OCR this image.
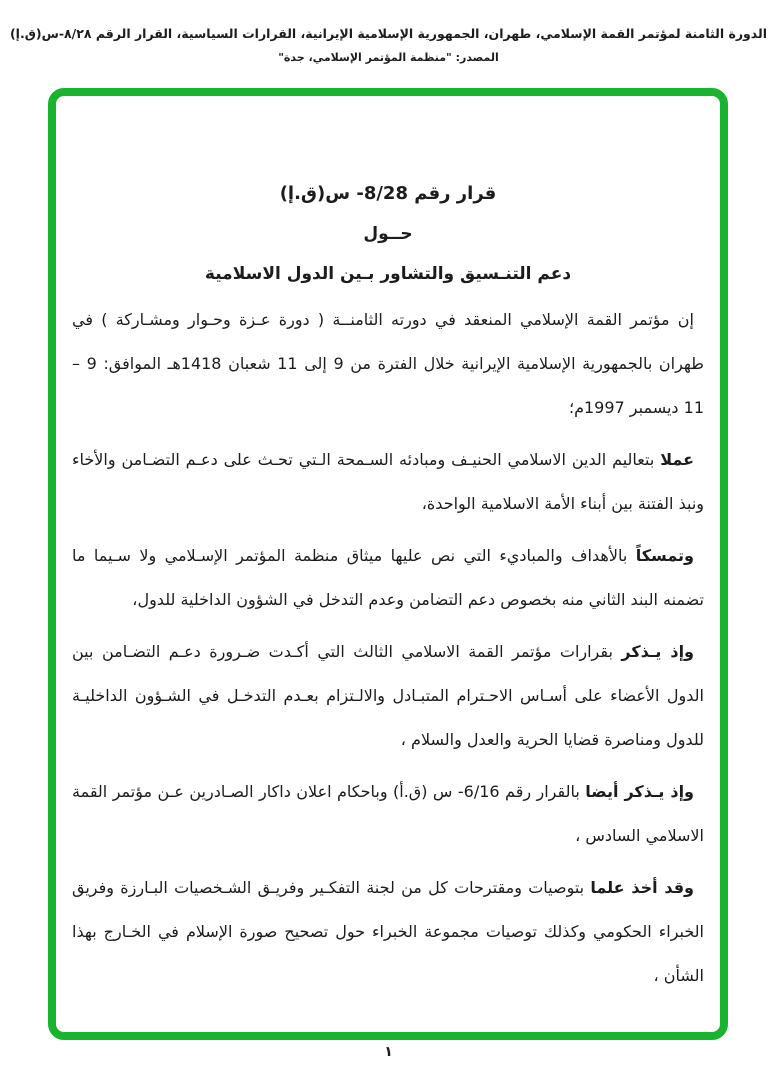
الدورة الثامنة لمؤتمر القمة الإسلامي، طهران، الجمهورية الإسلامية الإيرانية، القرارات السياسية، القرار الرقم ٨/٢٨-س(ق.إ)
المصدر: "منظمة المؤتمر الإسلامي، جدة"
قرار رقم 8/28- س(ق.إ)
حــول
دعم التنـسيق والتشاور بـين الدول الاسلامية

إن مؤتمر القمة الإسلامي المنعقد في دورته الثامنــة ( دورة عـزة وحـوار ومشـاركة ) في طهران بالجمهورية الإسلامية الإيرانية خلال الفترة من 9 إلى 11 شعبان 1418هـ الموافق: 9 – 11 ديسمبر 1997م؛

عملا بتعاليم الدين الاسلامي الحنيـف ومبادئه السـمحة الـتي تحـث على دعـم التضـامن والأخاء ونبذ الفتنة بين أبناء الأمة الاسلامية الواحدة،

وتمسكاً بالأهداف والمباديء التي نص عليها ميثاق منظمة المؤتمر الإسـلامي ولا سـيما ما تضمنه البند الثاني منه بخصوص دعم التضامن وعدم التدخل في الشؤون الداخلية للدول،

وإذ يـذكر بقرارات مؤتمر القمة الاسلامي الثالث التي أكـدت ضـرورة دعـم التضـامن بين الدول الأعضاء على أسـاس الاحـترام المتبـادل والالـتزام بعـدم التدخـل في الشـؤون الداخليـة للدول ومناصرة قضايا الحرية والعدل والسلام ،

وإذ يـذكر أيضا بالقرار رقم 6/16- س (ق.أ) وباحكام اعلان داكار الصـادرين عـن مؤتمر القمة الاسلامي السادس ،

وقد أخذ علما بتوصيات ومقترحات كل من لجنة التفكـير وفريـق الشـخصيات البـارزة وفريق الخبراء الحكومي وكذلك توصيات مجموعة الخبراء حول تصحيح صورة الإسلام في الخـارج بهذا الشأن ،

١
